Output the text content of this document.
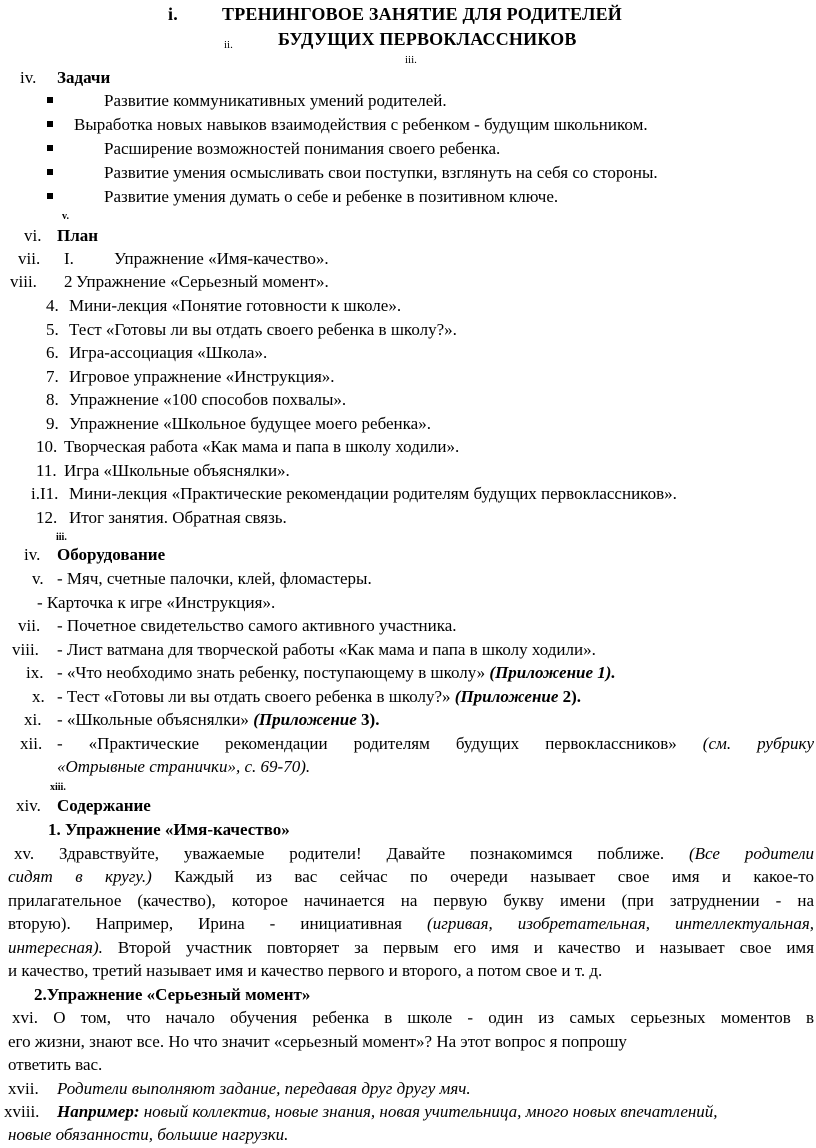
i. ТРЕНИНГОВОЕ ЗАНЯТИЕ ДЛЯ РОДИТЕЛЕЙ
ii.	БУДУЩИХ ПЕРВОКЛАССНИКОВ
iii.
iv. Задачи
Развитие коммуникативных умений родителей.
Выработка новых навыков взаимодействия с ребенком - будущим школьником.
Расширение возможностей понимания своего ребенка.
Развитие умения осмысливать свои поступки, взглянуть на себя со стороны.
Развитие умения думать о себе и ребенке в позитивном ключе.
v.
vi. План
vii. I. Упражнение «Имя-качество».
viii. 2 Упражнение «Серьезный момент».
4. Мини-лекция «Понятие готовности к школе».
5. Тест «Готовы ли вы отдать своего ребенка в школу?».
6. Игра-ассоциация «Школа».
7. Игровое упражнение «Инструкция».
8. Упражнение «100 способов похвалы».
9. Упражнение «Школьное будущее моего ребенка».
10. Творческая работа «Как мама и папа в школу ходили».
11. Игра «Школьные объяснялки».
i.I1. Мини-лекция «Практические рекомендации родителям будущих первоклассников».
12. Итог занятия. Обратная связь.
iii.
iv. Оборудование
v. - Мяч, счетные палочки, клей, фломастеры.
- Карточка к игре «Инструкция».
vii. - Почетное свидетельство самого активного участника.
viii. - Лист ватмана для творческой работы «Как мама и папа в школу ходили».
ix. - «Что необходимо знать ребенку, поступающему в школу» (Приложение 1).
x. - Тест «Готовы ли вы отдать своего ребенка в школу?» (Приложение 2).
xi. - «Школьные объяснялки» (Приложение 3).
xii. - «Практические рекомендации родителям будущих первоклассников» (см. рубрику
«Отрывные странички», с. 69-70).
xiii.
xiv. Содержание
1. Упражнение «Имя-качество»
xv. Здравствуйте, уважаемые родители! Давайте познакомимся поближе. (Все родители
сидят в кругу.) Каждый из вас сейчас по очереди называет свое имя и какое-то
прилагательное (качество), которое начинается на первую букву имени (при затруднении - на
вторую). Например, Ирина - инициативная (игривая, изобретательная, интеллектуальная,
интересная). Второй участник повторяет за первым его имя и качество и называет свое имя
и качество, третий называет имя и качество первого и второго, а потом свое и т. д.
2.Упражнение «Серьезный момент»
xvi. О том, что начало обучения ребенка в школе - один из самых серьезных моментов в
его жизни, знают все. Но что значит «серьезный момент»? На этот вопрос я попрошу
ответить вас.
xvii. Родители выполняют задание, передавая друг другу мяч.
xviii. Например: новый коллектив, новые знания, новая учительница, много новых впечатлений,
новые обязанности, большие нагрузки.
